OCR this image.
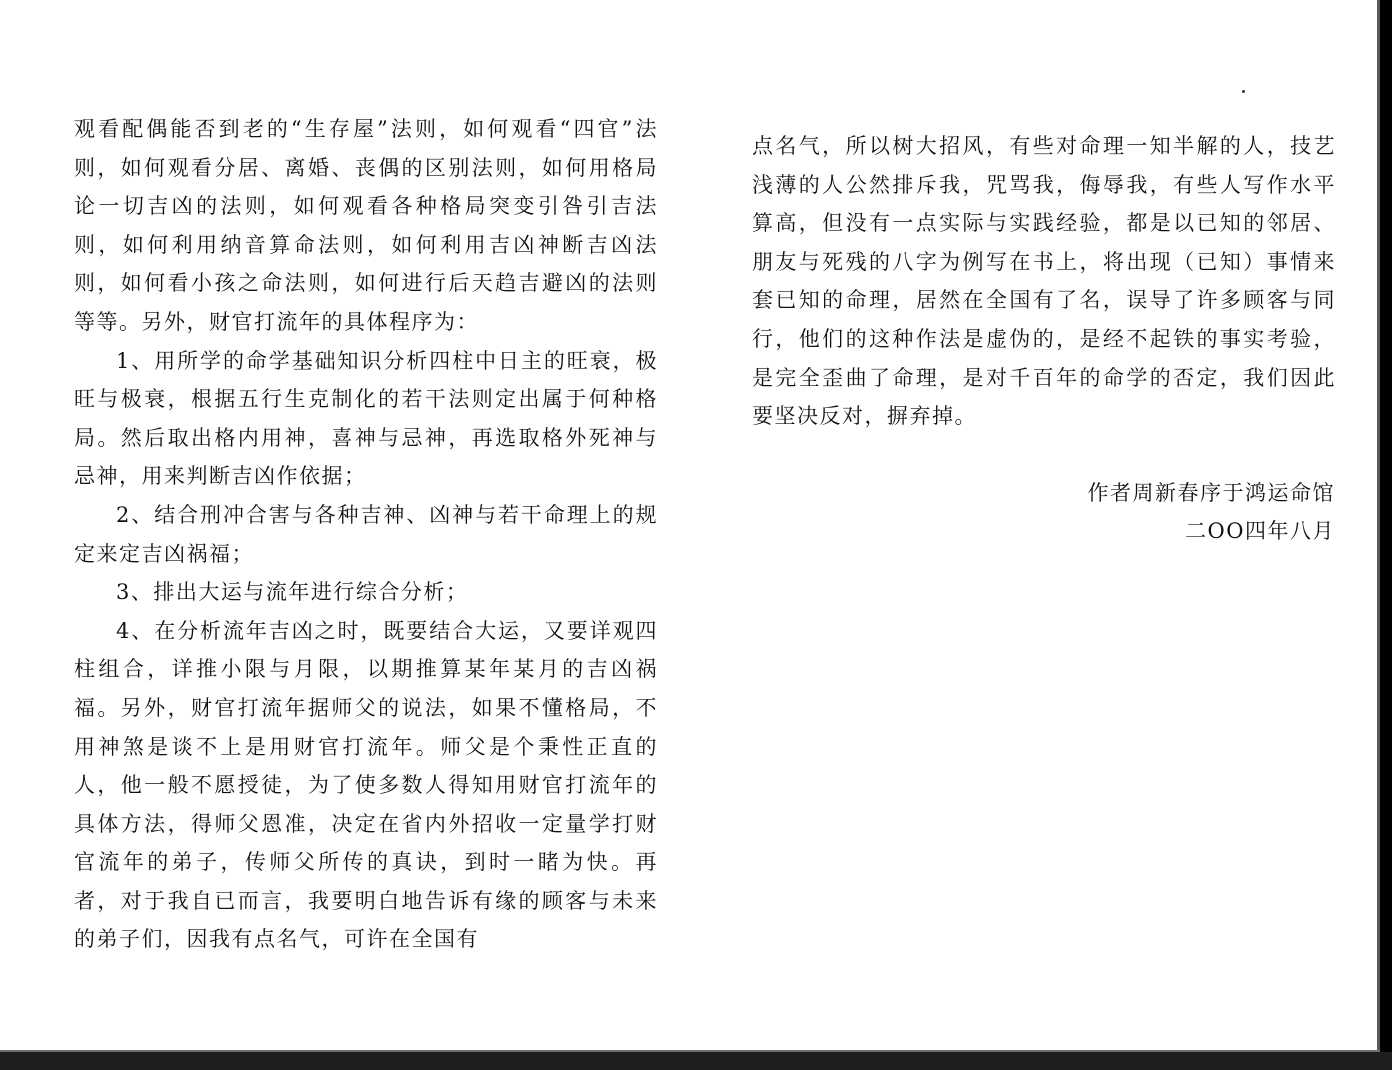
观看配偶能否到老的“生存屋”法则，如何观看“四官”法则，如何观看分居、离婚、丧偶的区别法则，如何用格局论一切吉凶的法则，如何观看各种格局突变引咎引吉法则，如何利用纳音算命法则，如何利用吉凶神断吉凶法则，如何看小孩之命法则，如何进行后天趋吉避凶的法则等等。另外，财官打流年的具体程序为：

1、用所学的命学基础知识分析四柱中日主的旺衰，极旺与极衰，根据五行生克制化的若干法则定出属于何种格局。然后取出格内用神，喜神与忌神，再选取格外死神与忌神，用来判断吉凶作依据；

2、结合刑冲合害与各种吉神、凶神与若干命理上的规定来定吉凶祸福；

3、排出大运与流年进行综合分析；

4、在分析流年吉凶之时，既要结合大运，又要详观四柱组合，详推小限与月限，以期推算某年某月的吉凶祸福。另外，财官打流年据师父的说法，如果不懂格局，不用神煞是谈不上是用财官打流年。师父是个秉性正直的人，他一般不愿授徒，为了使多数人得知用财官打流年的具体方法，得师父恩准，决定在省内外招收一定量学打财官流年的弟子，传师父所传的真诀，到时一睹为快。再者，对于我自已而言，我要明白地告诉有缘的顾客与未来的弟子们，因我有点名气，可许在全国有

点名气，所以树大招风，有些对命理一知半解的人，技艺浅薄的人公然排斥我，咒骂我，侮辱我，有些人写作水平算高，但没有一点实际与实践经验，都是以已知的邻居、朋友与死残的八字为例写在书上，将出现（已知）事情来套已知的命理，居然在全国有了名，误导了许多顾客与同行，他们的这种作法是虚伪的，是经不起铁的事实考验，是完全歪曲了命理，是对千百年的命学的否定，我们因此要坚决反对，摒弃掉。

作者周新春序于鸿运命馆
二OO四年八月
